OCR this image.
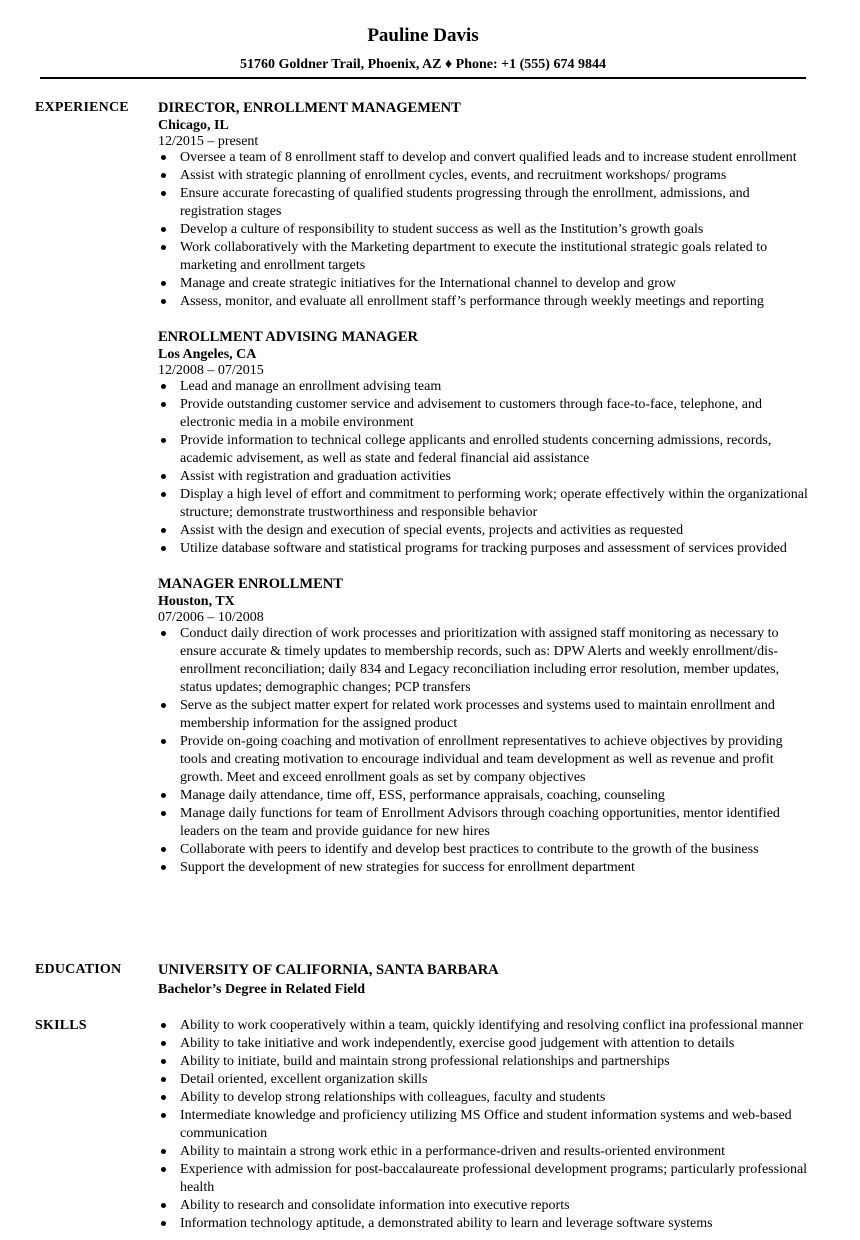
Pauline Davis
51760 Goldner Trail, Phoenix, AZ ♦ Phone: +1 (555) 674 9844
EXPERIENCE DIRECTOR, ENROLLMENT MANAGEMENT
Chicago, IL
12/2015 – present
Oversee a team of 8 enrollment staff to develop and convert qualified leads and to increase student enrollment
Assist with strategic planning of enrollment cycles, events, and recruitment workshops/ programs
Ensure accurate forecasting of qualified students progressing through the enrollment, admissions, and registration stages
Develop a culture of responsibility to student success as well as the Institution’s growth goals
Work collaboratively with the Marketing department to execute the institutional strategic goals related to marketing and enrollment targets
Manage and create strategic initiatives for the International channel to develop and grow
Assess, monitor, and evaluate all enrollment staff’s performance through weekly meetings and reporting
ENROLLMENT ADVISING MANAGER
Los Angeles, CA
12/2008 – 07/2015
Lead and manage an enrollment advising team
Provide outstanding customer service and advisement to customers through face-to-face, telephone, and electronic media in a mobile environment
Provide information to technical college applicants and enrolled students concerning admissions, records, academic advisement, as well as state and federal financial aid assistance
Assist with registration and graduation activities
Display a high level of effort and commitment to performing work; operate effectively within the organizational structure; demonstrate trustworthiness and responsible behavior
Assist with the design and execution of special events, projects and activities as requested
Utilize database software and statistical programs for tracking purposes and assessment of services provided
MANAGER ENROLLMENT
Houston, TX
07/2006 – 10/2008
Conduct daily direction of work processes and prioritization with assigned staff monitoring as necessary to ensure accurate & timely updates to membership records, such as: DPW Alerts and weekly enrollment/dis-enrollment reconciliation; daily 834 and Legacy reconciliation including error resolution, member updates, status updates; demographic changes; PCP transfers
Serve as the subject matter expert for related work processes and systems used to maintain enrollment and membership information for the assigned product
Provide on-going coaching and motivation of enrollment representatives to achieve objectives by providing tools and creating motivation to encourage individual and team development as well as revenue and profit growth. Meet and exceed enrollment goals as set by company objectives
Manage daily attendance, time off, ESS, performance appraisals, coaching, counseling
Manage daily functions for team of Enrollment Advisors through coaching opportunities, mentor identified leaders on the team and provide guidance for new hires
Collaborate with peers to identify and develop best practices to contribute to the growth of the business
Support the development of new strategies for success for enrollment department
EDUCATION	UNIVERSITY OF CALIFORNIA, SANTA BARBARA
Bachelor’s Degree in Related Field
SKILLS	Ability to work cooperatively within a team, quickly identifying and resolving conflict ina professional manner
Ability to take initiative and work independently, exercise good judgement with attention to details
Ability to initiate, build and maintain strong professional relationships and partnerships
Detail oriented, excellent organization skills
Ability to develop strong relationships with colleagues, faculty and students
Intermediate knowledge and proficiency utilizing MS Office and student information systems and web-based communication
Ability to maintain a strong work ethic in a performance-driven and results-oriented environment
Experience with admission for post-baccalaureate professional development programs; particularly professional health
Ability to research and consolidate information into executive reports
Information technology aptitude, a demonstrated ability to learn and leverage software systems
